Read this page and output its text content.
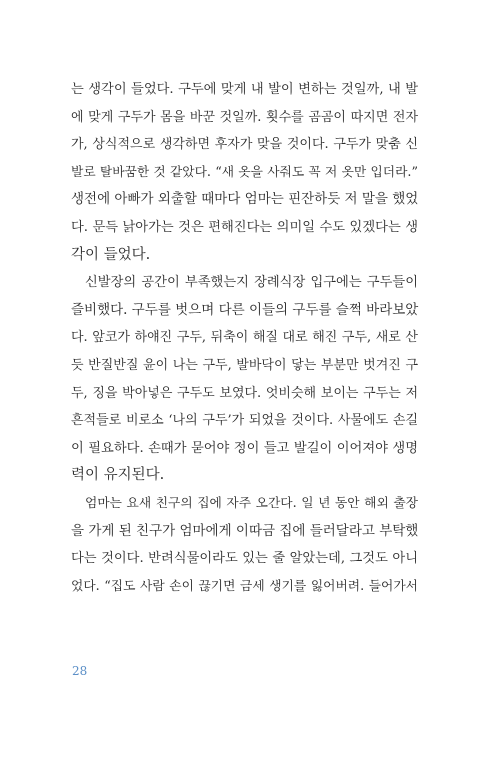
는 생각이 들었다. 구두에 맞게 내 발이 변하는 것일까, 내 발
에 맞게 구두가 몸을 바꾼 것일까. 횟수를 곰곰이 따지면 전자
가, 상식적으로 생각하면 후자가 맞을 것이다. 구두가 맞춤 신
발로 탈바꿈한 것 같았다. “새 옷을 사줘도 꼭 저 옷만 입더라.”
생전에 아빠가 외출할 때마다 엄마는 핀잔하듯 저 말을 했었
다. 문득 낡아가는 것은 편해진다는 의미일 수도 있겠다는 생
각이 들었다.
신발장의 공간이 부족했는지 장례식장 입구에는 구두들이
즐비했다. 구두를 벗으며 다른 이들의 구두를 슬쩍 바라보았
다. 앞코가 하얘진 구두, 뒤축이 해질 대로 해진 구두, 새로 산
듯 반질반질 윤이 나는 구두, 발바닥이 닿는 부분만 벗겨진 구
두, 징을 박아넣은 구두도 보였다. 엇비슷해 보이는 구두는 저
흔적들로 비로소 ‘나의 구두’가 되었을 것이다. 사물에도 손길
이 필요하다. 손때가 묻어야 정이 들고 발길이 이어져야 생명
력이 유지된다.
엄마는 요새 친구의 집에 자주 오간다. 일 년 동안 해외 출장
을 가게 된 친구가 엄마에게 이따금 집에 들러달라고 부탁했
다는 것이다. 반려식물이라도 있는 줄 알았는데, 그것도 아니
었다. “집도 사람 손이 끊기면 금세 생기를 잃어버려. 들어가서
28
